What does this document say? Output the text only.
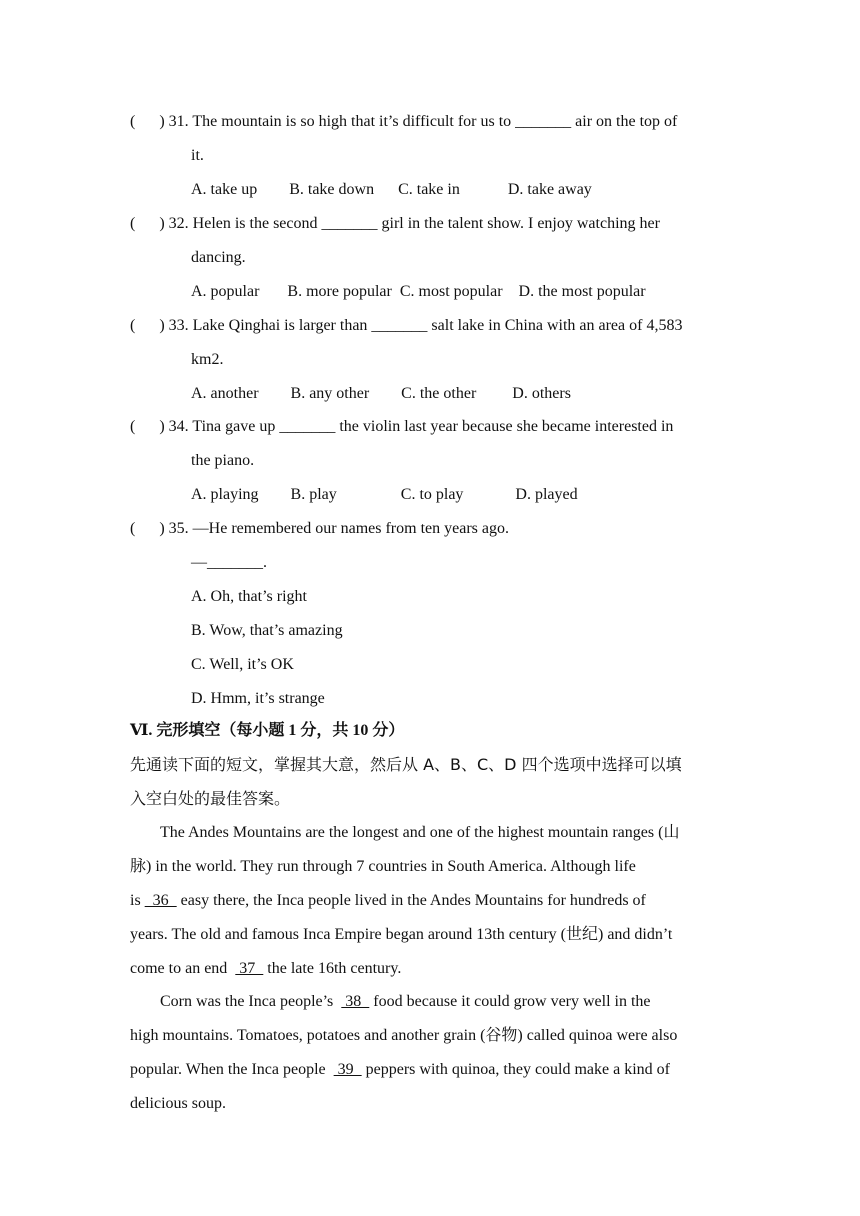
(      ) 31. The mountain is so high that it’s difficult for us to _______ air on the top of
it.
A. take up        B. take down      C. take in            D. take away
(      ) 32. Helen is the second _______ girl in the talent show. I enjoy watching her
dancing.
A. popular       B. more popular  C. most popular    D. the most popular
(      ) 33. Lake Qinghai is larger than _______ salt lake in China with an area of 4,583
km2.
A. another        B. any other        C. the other         D. others
(      ) 34. Tina gave up _______ the violin last year because she became interested in
the piano.
A. playing        B. play                C. to play             D. played
(      ) 35. —He remembered our names from ten years ago.
—_______.
A. Oh, that’s right
B. Wow, that’s amazing
C. Well, it’s OK
D. Hmm, it’s strange
Ⅵ. 完形填空（每小题 1 分，共 10 分）
先通读下面的短文，掌握其大意，然后从 A、B、C、D 四个选项中选择可以填
入空白处的最佳答案。
The Andes Mountains are the longest and one of the highest mountain ranges (山
脉) in the world. They run through 7 countries in South America. Although life
is   36   easy there, the Inca people lived in the Andes Mountains for hundreds of
years. The old and famous Inca Empire began around 13th century (世纪) and didn’t
come to an end   37   the late 16th century.
Corn was the Inca people’s   38   food because it could grow very well in the
high mountains. Tomatoes, potatoes and another grain (谷物) called quinoa were also
popular. When the Inca people   39   peppers with quinoa, they could make a kind of
delicious soup.
